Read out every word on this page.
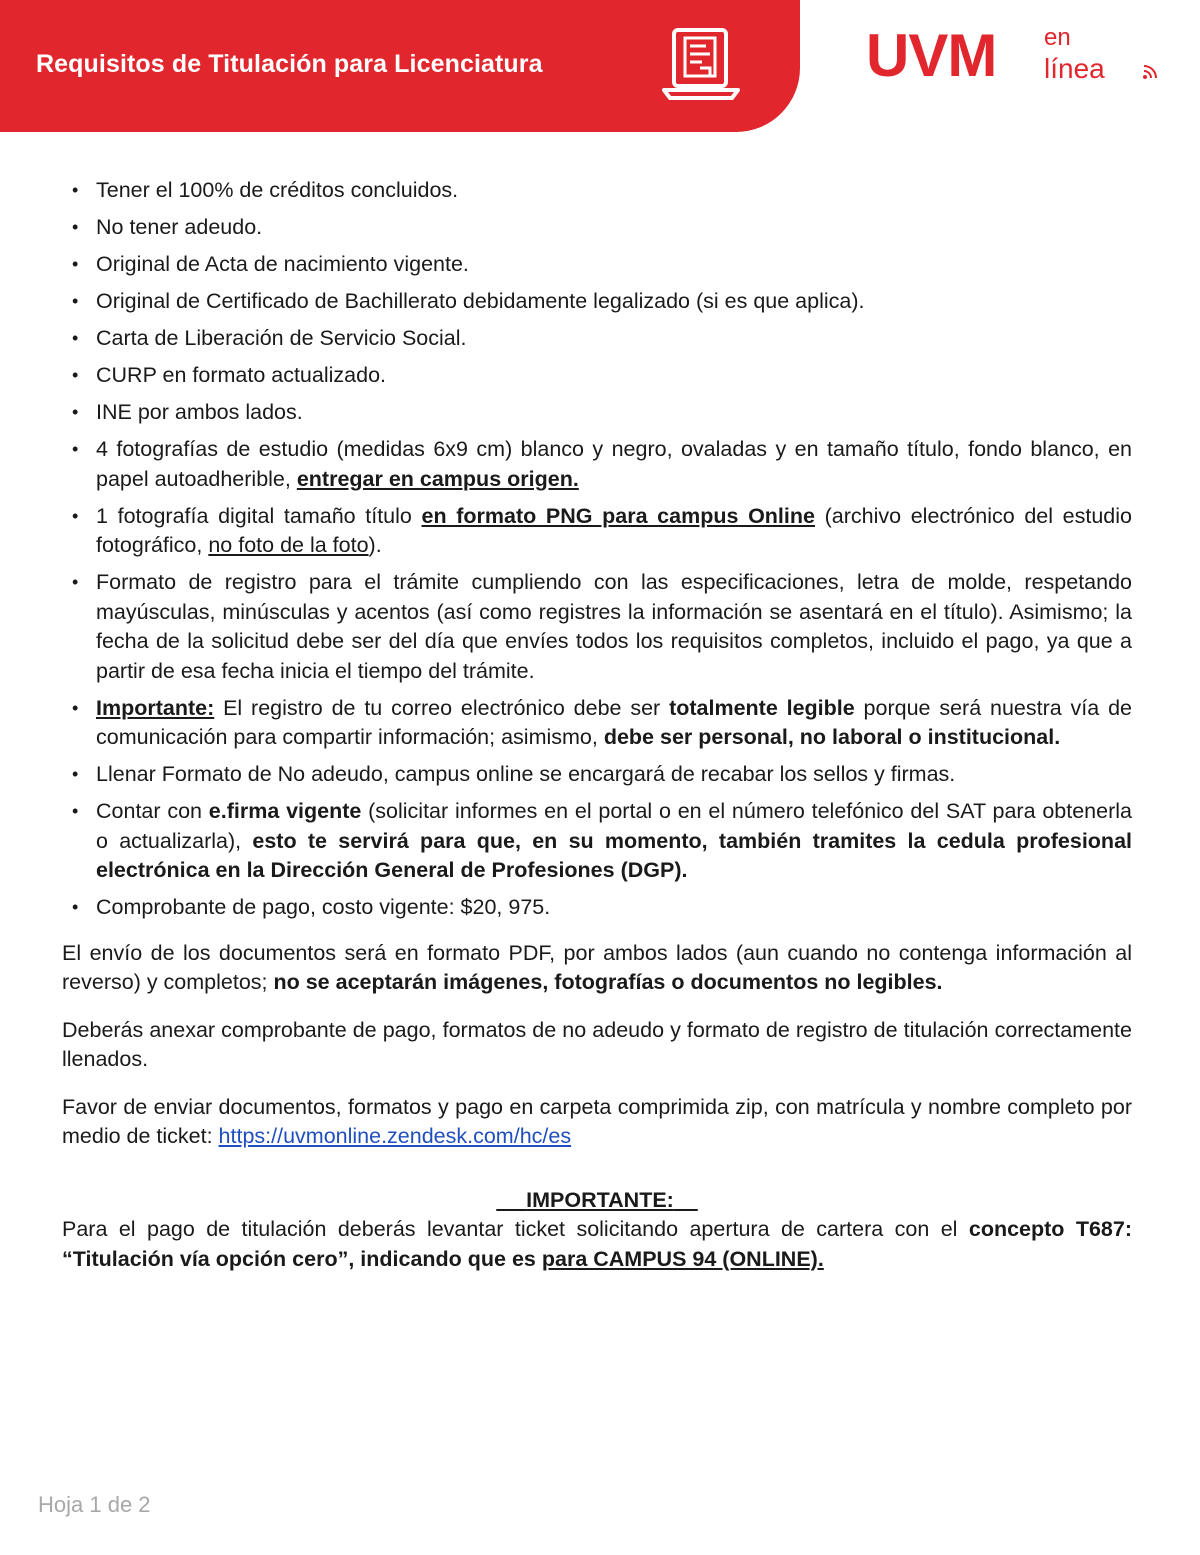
Requisitos de Titulación para Licenciatura	UVM en
línea
• Tener el 100% de créditos concluidos.
• No tener adeudo.
• Original de Acta de nacimiento vigente.
• Original de Certificado de Bachillerato debidamente legalizado (si es que aplica).
• Carta de Liberación de Servicio Social.
• CURP en formato actualizado.
• INE por ambos lados.
• 4 fotografías de estudio (medidas 6x9 cm) blanco y negro, ovaladas y en tamaño título, fondo blanco, en papel autoadherible, entregar en campus origen.
• 1 fotografía digital tamaño título en formato PNG para campus Online (archivo electrónico del estudio fotográfico, no foto de la foto).
• Formato de registro para el trámite cumpliendo con las especificaciones, letra de molde, respetando mayúsculas, minúsculas y acentos (así como registres la información se asentará en el título). Asimismo; la fecha de la solicitud debe ser del día que envíes todos los requisitos completos, incluido el pago, ya que a partir de esa fecha inicia el tiempo del trámite.
• Importante: El registro de tu correo electrónico debe ser totalmente legible porque será nuestra vía de comunicación para compartir información; asimismo, debe ser personal, no laboral o institucional.
• Llenar Formato de No adeudo, campus online se encargará de recabar los sellos y firmas.
• Contar con e.firma vigente (solicitar informes en el portal o en el número telefónico del SAT para obtenerla o actualizarla), esto te servirá para que, en su momento, también tramites la cedula profesional electrónica en la Dirección General de Profesiones (DGP).
• Comprobante de pago, costo vigente: $20, 975.

El envío de los documentos será en formato PDF, por ambos lados (aun cuando no contenga información al reverso) y completos; no se aceptarán imágenes, fotografías o documentos no legibles.

Deberás anexar comprobante de pago, formatos de no adeudo y formato de registro de titulación correctamente llenados.

Favor de enviar documentos, formatos y pago en carpeta comprimida zip, con matrícula y nombre completo por medio de ticket: https://uvmonline.zendesk.com/hc/es

IMPORTANTE:

Para el pago de titulación deberás levantar ticket solicitando apertura de cartera con el concepto T687: “Titulación vía opción cero”, indicando que es para CAMPUS 94 (ONLINE).

Hoja 1 de 2
